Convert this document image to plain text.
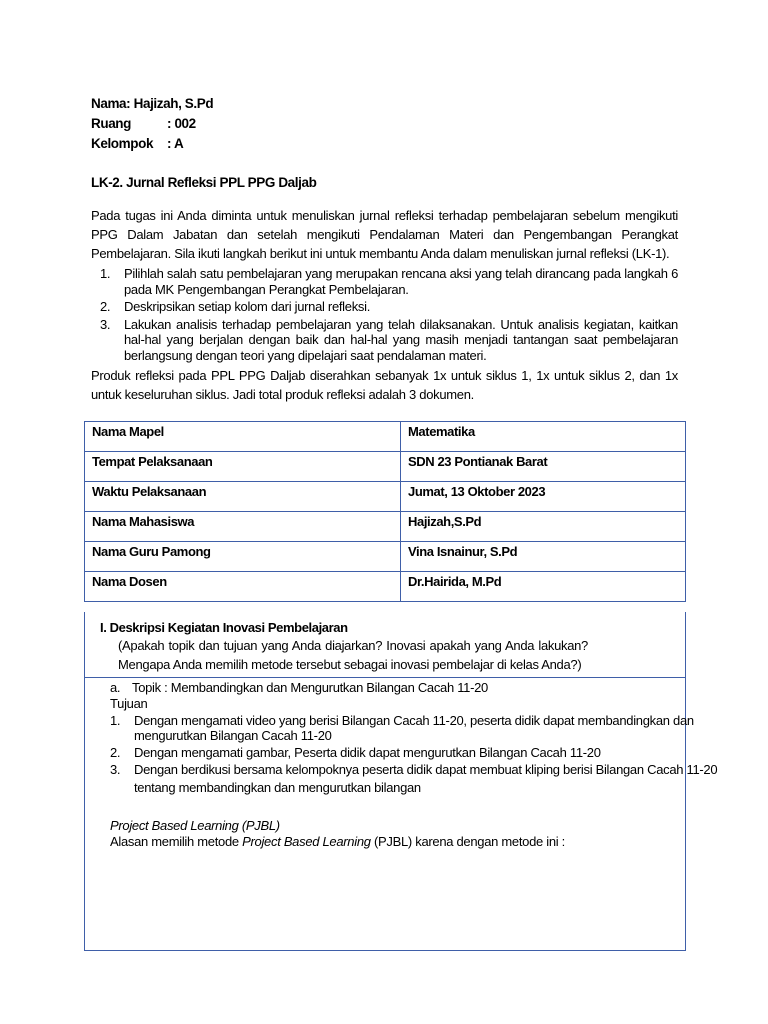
Nama: Hajizah, S.Pd
Ruang	: 002
Kelompok : A
LK-2. Jurnal Refleksi PPL PPG Daljab
Pada tugas ini Anda diminta untuk menuliskan jurnal refleksi terhadap pembelajaran sebelum mengikuti PPG Dalam Jabatan dan setelah mengikuti Pendalaman Materi dan Pengembangan Perangkat Pembelajaran. Sila ikuti langkah berikut ini untuk membantu Anda dalam menuliskan jurnal refleksi (LK-1).
1. Pilihlah salah satu pembelajaran yang merupakan rencana aksi yang telah dirancang pada langkah 6 pada MK Pengembangan Perangkat Pembelajaran.
2. Deskripsikan setiap kolom dari jurnal refleksi.
3. Lakukan analisis terhadap pembelajaran yang telah dilaksanakan. Untuk analisis kegiatan, kaitkan hal-hal yang berjalan dengan baik dan hal-hal yang masih menjadi tantangan saat pembelajaran berlangsung dengan teori yang dipelajari saat pendalaman materi.
Produk refleksi pada PPL PPG Daljab diserahkan sebanyak 1x untuk siklus 1, 1x untuk siklus 2, dan 1x untuk keseluruhan siklus. Jadi total produk refleksi adalah 3 dokumen.
Nama Mapel	Matematika
Tempat Pelaksanaan	SDN 23 Pontianak Barat
Waktu Pelaksanaan	Jumat, 13 Oktober 2023
Nama Mahasiswa	Hajizah,S.Pd
Nama Guru Pamong	Vina Isnainur, S.Pd
Nama Dosen	Dr.Hairida, M.Pd
I. Deskripsi Kegiatan Inovasi Pembelajaran
(Apakah topik dan tujuan yang Anda diajarkan? Inovasi apakah yang Anda lakukan? Mengapa Anda memilih metode tersebut sebagai inovasi pembelajar di kelas Anda?)
a. Topik : Membandingkan dan Mengurutkan Bilangan Cacah 11-20
Tujuan
1. Dengan mengamati video yang berisi Bilangan Cacah 11-20, peserta didik dapat membandingkan dan
mengurutkan Bilangan Cacah 11-20
2. Dengan mengamati gambar, Peserta didik dapat mengurutkan Bilangan Cacah 11-20
3. Dengan berdikusi bersama kelompoknya peserta didik dapat membuat kliping berisi Bilangan Cacah 11-20
tentang membandingkan dan mengurutkan bilangan
Project Based Learning (PJBL)
Alasan memilih metode Project Based Learning (PJBL) karena dengan metode ini :
